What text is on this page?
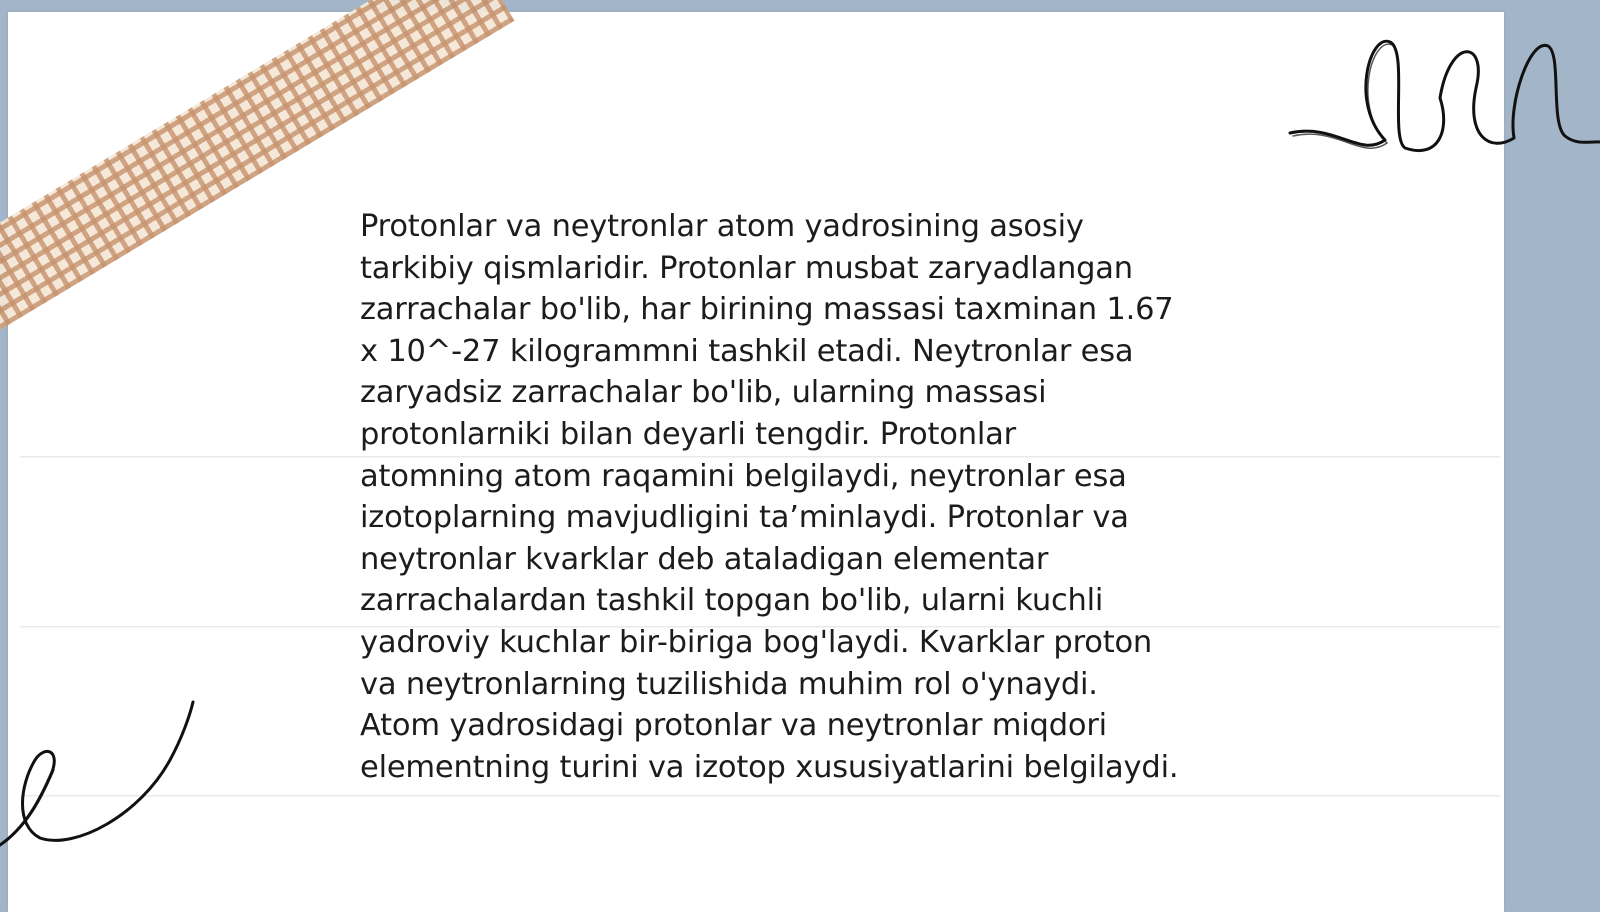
Protonlar va neytronlar atom yadrosining asosiy
tarkibiy qismlaridir. Protonlar musbat zaryadlangan
zarrachalar bo'lib, har birining massasi taxminan 1.67
x 10^-27 kilogrammni tashkil etadi. Neytronlar esa
zaryadsiz zarrachalar bo'lib, ularning massasi
protonlarniki bilan deyarli tengdir. Protonlar
atomning atom raqamini belgilaydi, neytronlar esa
izotoplarning mavjudligini ta’minlaydi. Protonlar va
neytronlar kvarklar deb ataladigan elementar
zarrachalardan tashkil topgan bo'lib, ularni kuchli
yadroviy kuchlar bir-biriga bog'laydi. Kvarklar proton
va neytronlarning tuzilishida muhim rol o'ynaydi.
Atom yadrosidagi protonlar va neytronlar miqdori
elementning turini va izotop xususiyatlarini belgilaydi.
